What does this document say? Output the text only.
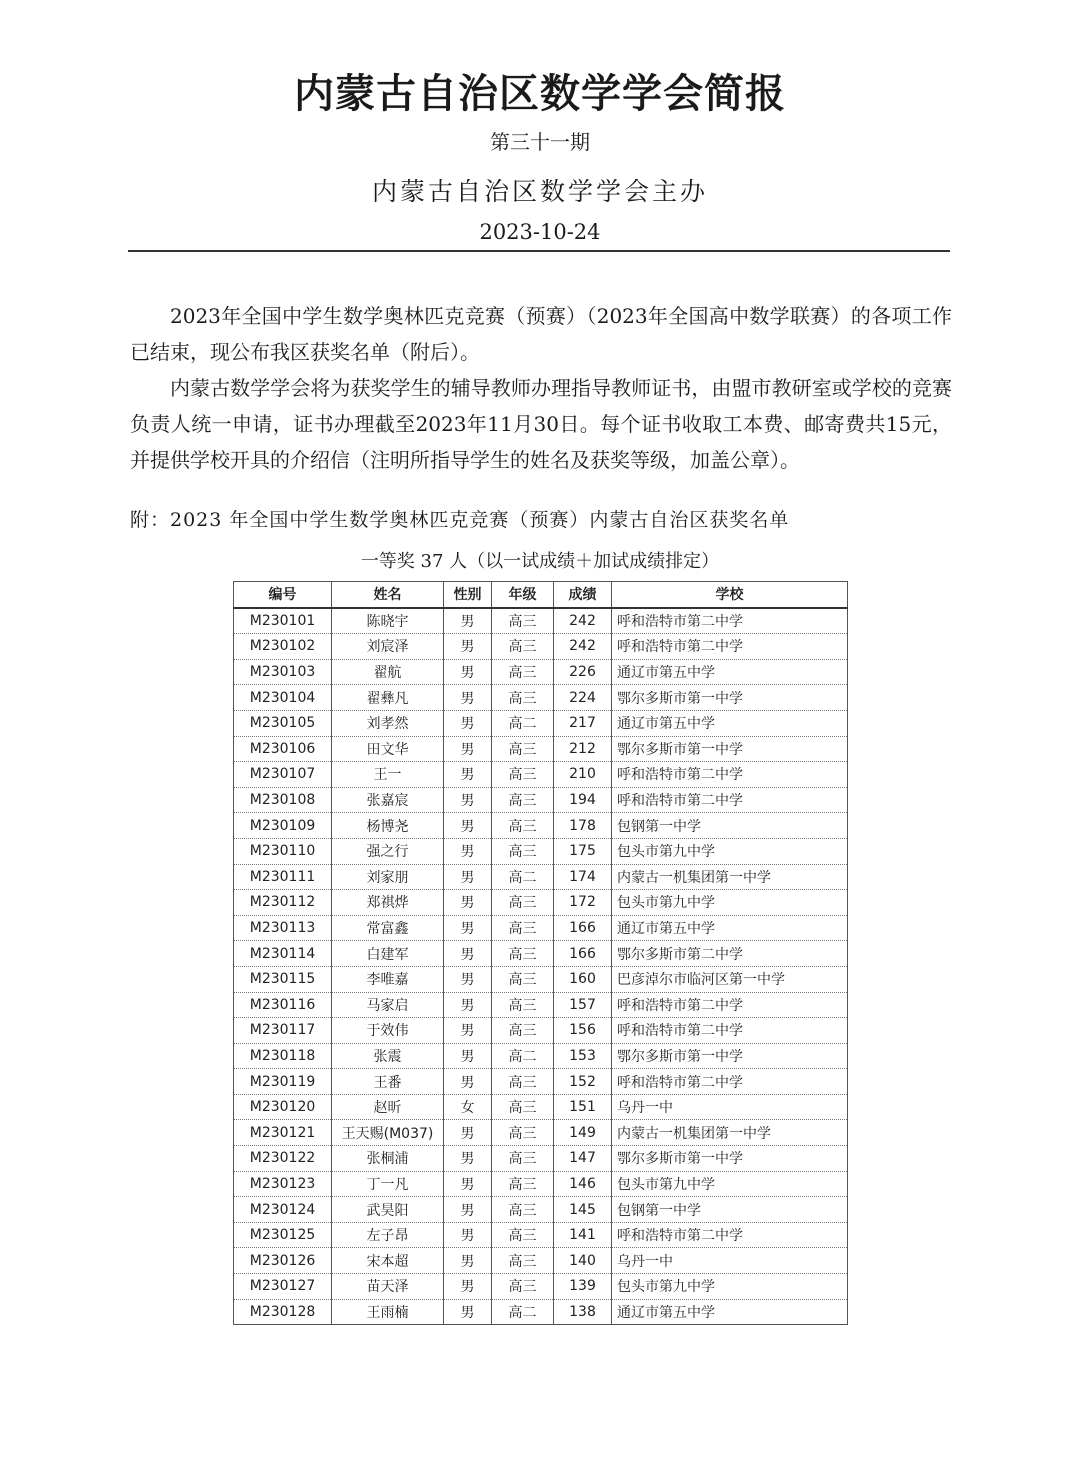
内蒙古自治区数学学会简报
第三十一期
内蒙古自治区数学学会主办
2023-10-24

2023年全国中学生数学奥林匹克竞赛（预赛）（2023年全国高中数学联赛）的各项工作已结束，现公布我区获奖名单（附后）。

内蒙古数学学会将为获奖学生的辅导教师办理指导教师证书，由盟市教研室或学校的竞赛负责人统一申请，证书办理截至2023年11月30日。每个证书收取工本费、邮寄费共15元，并提供学校开具的介绍信（注明所指导学生的姓名及获奖等级，加盖公章）。

附：2023 年全国中学生数学奥林匹克竞赛（预赛）内蒙古自治区获奖名单
一等奖 37 人（以一试成绩＋加试成绩排定）
编号	姓名	性别	年级	成绩	学校
M230101	陈晓宇	男	高三	242	呼和浩特市第二中学
M230102	刘宸泽	男	高三	242	呼和浩特市第二中学
M230103	翟航	男	高三	226	通辽市第五中学
M230104	翟彝凡	男	高三	224	鄂尔多斯市第一中学
M230105	刘孝然	男	高二	217	通辽市第五中学
M230106	田文华	男	高三	212	鄂尔多斯市第一中学
M230107	王一	男	高三	210	呼和浩特市第二中学
M230108	张嘉宸	男	高三	194	呼和浩特市第二中学
M230109	杨博尧	男	高三	178	包钢第一中学
M230110	强之行	男	高三	175	包头市第九中学
M230111	刘家朋	男	高二	174	内蒙古一机集团第一中学
M230112	郑祺烨	男	高三	172	包头市第九中学
M230113	常富鑫	男	高三	166	通辽市第五中学
M230114	白建军	男	高三	166	鄂尔多斯市第二中学
M230115	李唯嘉	男	高三	160	巴彦淖尔市临河区第一中学
M230116	马家启	男	高三	157	呼和浩特市第二中学
M230117	于效伟	男	高三	156	呼和浩特市第二中学
M230118	张震	男	高二	153	鄂尔多斯市第一中学
M230119	王番	男	高三	152	呼和浩特市第二中学
M230120	赵昕	女	高三	151	乌丹一中
M230121	王天赐(M037)	男	高三	149	内蒙古一机集团第一中学
M230122	张桐浦	男	高三	147	鄂尔多斯市第一中学
M230123	丁一凡	男	高三	146	包头市第九中学
M230124	武昊阳	男	高三	145	包钢第一中学
M230125	左子昂	男	高三	141	呼和浩特市第二中学
M230126	宋本超	男	高三	140	乌丹一中
M230127	苗天泽	男	高三	139	包头市第九中学
M230128	王雨楠	男	高二	138	通辽市第五中学
